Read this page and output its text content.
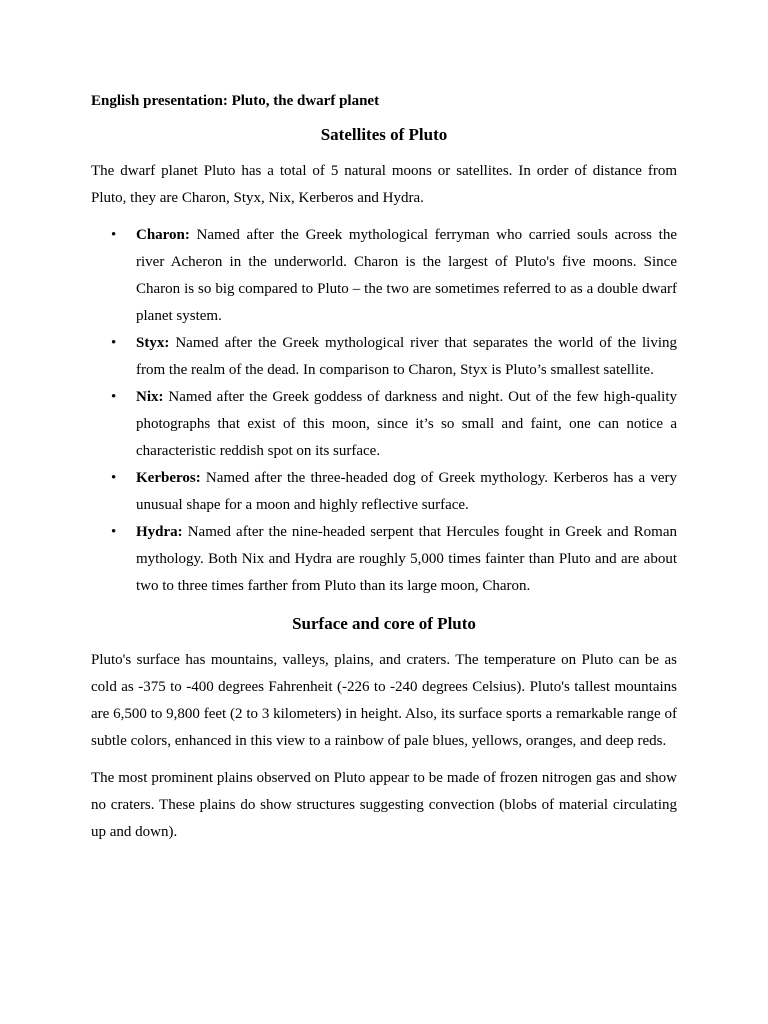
English presentation: Pluto, the dwarf planet
Satellites of Pluto

The dwarf planet Pluto has a total of 5 natural moons or satellites. In order of distance from Pluto, they are Charon, Styx, Nix, Kerberos and Hydra.

• Charon: Named after the Greek mythological ferryman who carried souls across the river Acheron in the underworld. Charon is the largest of Pluto's five moons. Since Charon is so big compared to Pluto – the two are sometimes referred to as a double dwarf planet system.
• Styx: Named after the Greek mythological river that separates the world of the living from the realm of the dead. In comparison to Charon, Styx is Pluto’s smallest satellite.
• Nix: Named after the Greek goddess of darkness and night. Out of the few high-quality photographs that exist of this moon, since it’s so small and faint, one can notice a characteristic reddish spot on its surface.
• Kerberos: Named after the three-headed dog of Greek mythology. Kerberos has a very unusual shape for a moon and highly reflective surface.
• Hydra: Named after the nine-headed serpent that Hercules fought in Greek and Roman mythology. Both Nix and Hydra are roughly 5,000 times fainter than Pluto and are about two to three times farther from Pluto than its large moon, Charon.
Surface and core of Pluto

Pluto's surface has mountains, valleys, plains, and craters. The temperature on Pluto can be as cold as -375 to -400 degrees Fahrenheit (-226 to -240 degrees Celsius). Pluto's tallest mountains are 6,500 to 9,800 feet (2 to 3 kilometers) in height. Also, its surface sports a remarkable range of subtle colors, enhanced in this view to a rainbow of pale blues, yellows, oranges, and deep reds.

The most prominent plains observed on Pluto appear to be made of frozen nitrogen gas and show no craters. These plains do show structures suggesting convection (blobs of material circulating up and down).
